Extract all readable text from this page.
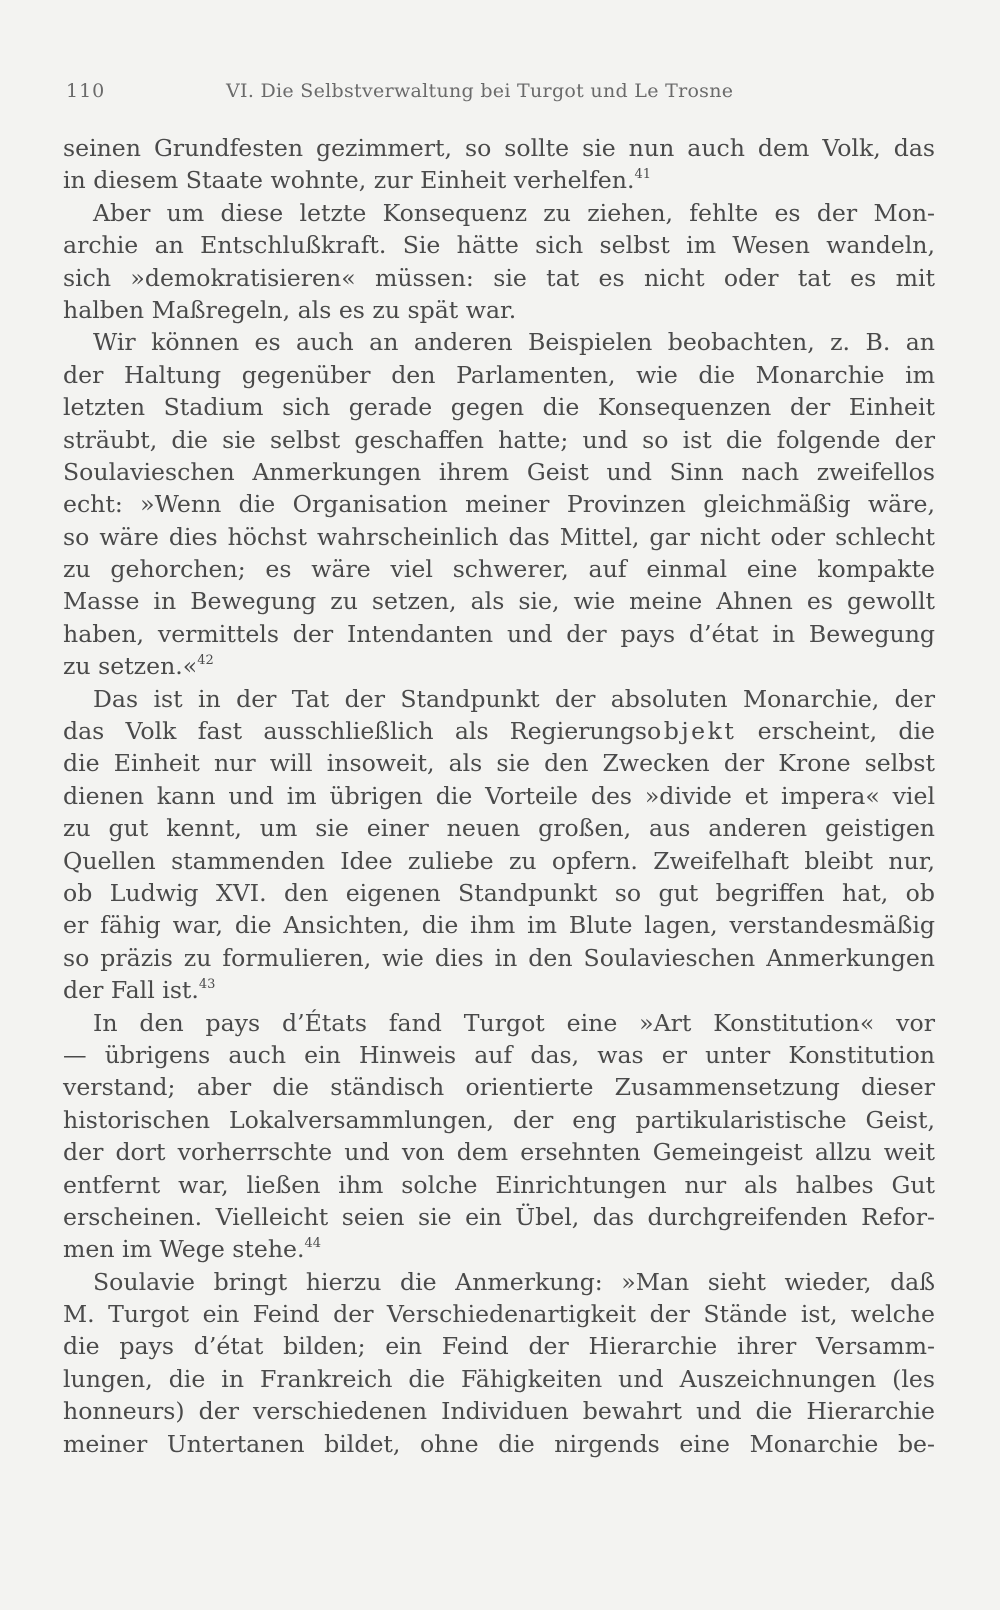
110	VI. Die Selbstverwaltung bei Turgot und Le Trosne
seinen Grundfesten gezimmert, so sollte sie nun auch dem Volk, das
in diesem Staate wohnte, zur Einheit verhelfen.$^{41}$
Aber um diese letzte Konsequenz zu ziehen, fehlte es der Mon-
archie an Entschlußkraft. Sie hätte sich selbst im Wesen wandeln,
sich »demokratisieren« müssen: sie tat es nicht oder tat es mit
halben Maßregeln, als es zu spät war.
Wir können es auch an anderen Beispielen beobachten, z. B. an
der Haltung gegenüber den Parlamenten, wie die Monarchie im
letzten Stadium sich gerade gegen die Konsequenzen der Einheit
sträubt, die sie selbst geschaffen hatte; und so ist die folgende der
Soulavieschen Anmerkungen ihrem Geist und Sinn nach zweifellos
echt: »Wenn die Organisation meiner Provinzen gleichmäßig wäre,
so wäre dies höchst wahrscheinlich das Mittel, gar nicht oder schlecht
zu gehorchen; es wäre viel schwerer, auf einmal eine kompakte
Masse in Bewegung zu setzen, als sie, wie meine Ahnen es gewollt
haben, vermittels der Intendanten und der pays d’état in Bewegung
zu setzen.«$^{42}$
Das ist in der Tat der Standpunkt der absoluten Monarchie, der
das Volk fast ausschließlich als Regierungsobjekt erscheint, die
die Einheit nur will insoweit, als sie den Zwecken der Krone selbst
dienen kann und im übrigen die Vorteile des »divide et impera« viel
zu gut kennt, um sie einer neuen großen, aus anderen geistigen
Quellen stammenden Idee zuliebe zu opfern. Zweifelhaft bleibt nur,
ob Ludwig XVI. den eigenen Standpunkt so gut begriffen hat, ob
er fähig war, die Ansichten, die ihm im Blute lagen, verstandesmäßig
so präzis zu formulieren, wie dies in den Soulavieschen Anmerkungen
der Fall ist.$^{43}$
In den pays d’États fand Turgot eine »Art Konstitution« vor
— übrigens auch ein Hinweis auf das, was er unter Konstitution
verstand; aber die ständisch orientierte Zusammensetzung dieser
historischen Lokalversammlungen, der eng partikularistische Geist,
der dort vorherrschte und von dem ersehnten Gemeingeist allzu weit
entfernt war, ließen ihm solche Einrichtungen nur als halbes Gut
erscheinen. Vielleicht seien sie ein Übel, das durchgreifenden Refor-
men im Wege stehe.$^{44}$
Soulavie bringt hierzu die Anmerkung: »Man sieht wieder, daß
M. Turgot ein Feind der Verschiedenartigkeit der Stände ist, welche
die pays d’état bilden; ein Feind der Hierarchie ihrer Versamm-
lungen, die in Frankreich die Fähigkeiten und Auszeichnungen (les
honneurs) der verschiedenen Individuen bewahrt und die Hierarchie
meiner Untertanen bildet, ohne die nirgends eine Monarchie be-
